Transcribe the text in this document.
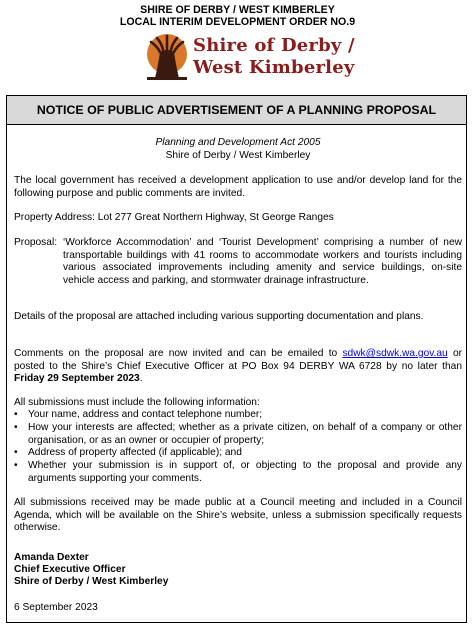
SHIRE OF DERBY / WEST KIMBERLEY
LOCAL INTERIM DEVELOPMENT ORDER NO.9
Shire of Derby /
West Kimberley
NOTICE OF PUBLIC ADVERTISEMENT OF A PLANNING PROPOSAL
Planning and Development Act 2005
Shire of Derby / West Kimberley
The local government has received a development application to use and/or develop land for the following purpose and public comments are invited.
Property Address: Lot 277 Great Northern Highway, St George Ranges
Proposal: ‘Workforce Accommodation’ and ‘Tourist Development’ comprising a number of new transportable buildings with 41 rooms to accommodate workers and tourists including various associated improvements including amenity and service buildings, on-site vehicle access and parking, and stormwater drainage infrastructure.
Details of the proposal are attached including various supporting documentation and plans.
Comments on the proposal are now invited and can be emailed to sdwk@sdwk.wa.gov.au or posted to the Shire’s Chief Executive Officer at PO Box 94 DERBY WA 6728 by no later than Friday 29 September 2023.
All submissions must include the following information:
• Your name, address and contact telephone number;
• How your interests are affected; whether as a private citizen, on behalf of a company or other organisation, or as an owner or occupier of property;
• Address of property affected (if applicable); and
• Whether your submission is in support of, or objecting to the proposal and provide any arguments supporting your comments.
All submissions received may be made public at a Council meeting and included in a Council Agenda, which will be available on the Shire’s website, unless a submission specifically requests otherwise.
Amanda Dexter
Chief Executive Officer
Shire of Derby / West Kimberley
6 September 2023
